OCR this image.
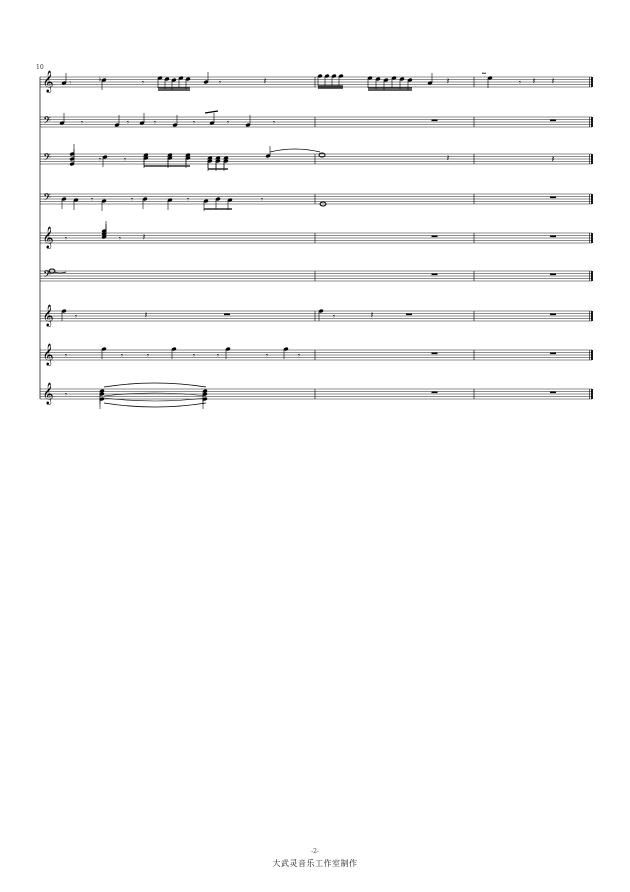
𝄞
𝄢
𝄢	𝄽
𝄢
𝄞
𝄢
𝄞
𝄞
𝄞
𝄾	♭	𝄾	𝄾	𝄽	𝄽
𝆗
𝄾 𝄽 𝄽
𝄾	𝄾	𝄾	𝄾	𝄾	𝄾
𝄾	𝄾	𝄽
𝄾	𝄾	𝄾	𝄾
𝄾	𝄾 𝄽
𝄾	𝄽	𝄾	𝄽
𝄾	𝄾	𝄾	𝄾	𝄾	𝄾	𝄾
𝄾
10
-2-
大武灵音乐工作室制作
